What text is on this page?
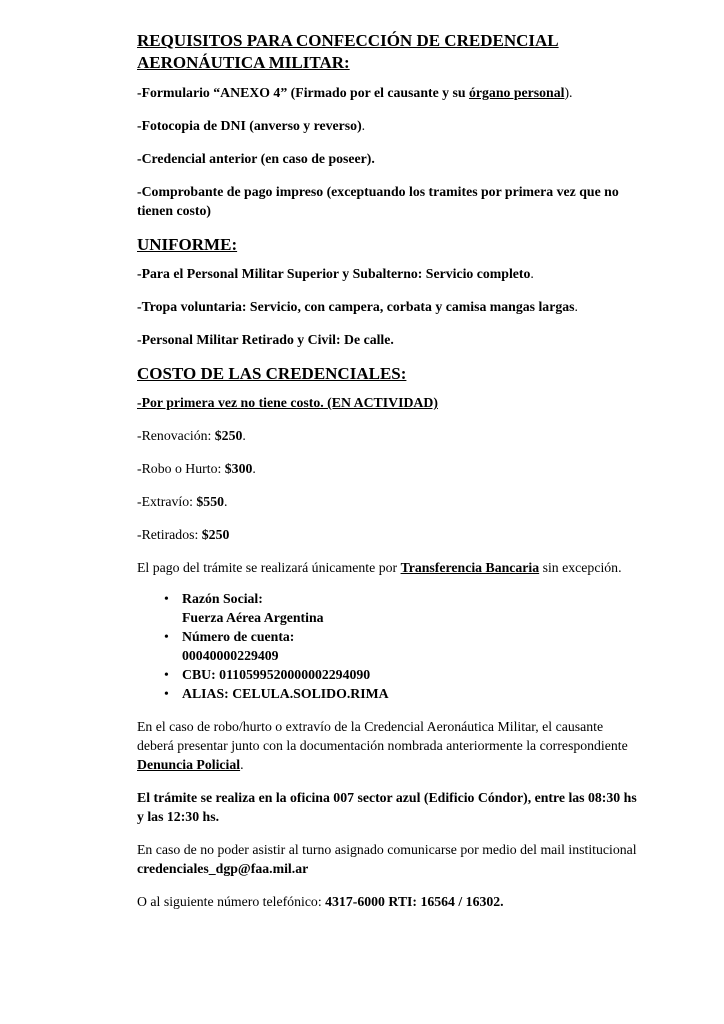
REQUISITOS PARA CONFECCIÓN DE CREDENCIAL
AERONÁUTICA MILITAR:
-Formulario “ANEXO 4” (Firmado por el causante y su órgano personal).
-Fotocopia de DNI (anverso y reverso).
-Credencial anterior (en caso de poseer).
-Comprobante de pago impreso (exceptuando los tramites por primera vez que no
tienen costo)
UNIFORME:
-Para el Personal Militar Superior y Subalterno: Servicio completo.
-Tropa voluntaria: Servicio, con campera, corbata y camisa mangas largas.
-Personal Militar Retirado y Civil: De calle.
COSTO DE LAS CREDENCIALES:
-Por primera vez no tiene costo. (EN ACTIVIDAD)
-Renovación: $250.
-Robo o Hurto: $300.
-Extravío: $550.
-Retirados: $250
El pago del trámite se realizará únicamente por Transferencia Bancaria sin excepción.
• Razón Social:
Fuerza Aérea Argentina
• Número de cuenta:
00040000229409
• CBU: 0110599520000002294090
• ALIAS: CELULA.SOLIDO.RIMA
En el caso de robo/hurto o extravío de la Credencial Aeronáutica Militar, el causante
deberá presentar junto con la documentación nombrada anteriormente la correspondiente
Denuncia Policial.
El trámite se realiza en la oficina 007 sector azul (Edificio Cóndor), entre las 08:30 hs
y las 12:30 hs.
En caso de no poder asistir al turno asignado comunicarse por medio del mail institucional
credenciales_dgp@faa.mil.ar
O al siguiente número telefónico: 4317-6000 RTI: 16564 / 16302.
